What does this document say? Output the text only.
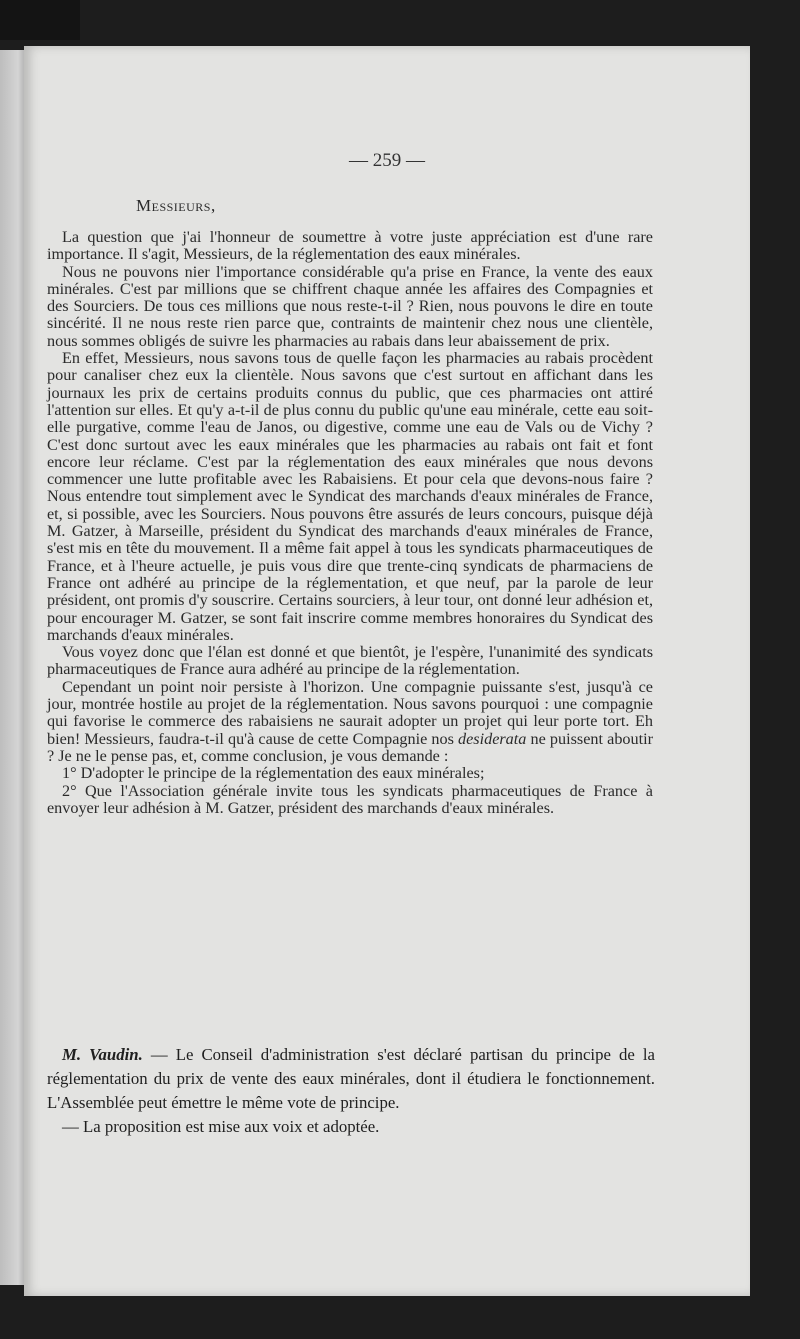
— 259 —
Messieurs,

La question que j'ai l'honneur de soumettre à votre juste appréciation est d'une rare importance. Il s'agit, Messieurs, de la réglementation des eaux minérales.

Nous ne pouvons nier l'importance considérable qu'a prise en France, la vente des eaux minérales. C'est par millions que se chiffrent chaque année les affaires des Compagnies et des Sourciers. De tous ces millions que nous reste-t-il ? Rien, nous pouvons le dire en toute sincérité. Il ne nous reste rien parce que, contraints de maintenir chez nous une clientèle, nous sommes obligés de suivre les pharmacies au rabais dans leur abaissement de prix.

En effet, Messieurs, nous savons tous de quelle façon les pharmacies au rabais procèdent pour canaliser chez eux la clientèle. Nous savons que c'est surtout en affichant dans les journaux les prix de certains produits connus du public, que ces pharmacies ont attiré l'attention sur elles. Et qu'y a-t-il de plus connu du public qu'une eau minérale, cette eau soit-elle purgative, comme l'eau de Janos, ou digestive, comme une eau de Vals ou de Vichy ? C'est donc surtout avec les eaux minérales que les pharmacies au rabais ont fait et font encore leur réclame. C'est par la réglementation des eaux minérales que nous devons commencer une lutte profitable avec les Rabaisiens. Et pour cela que devons-nous faire ? Nous entendre tout simplement avec le Syndicat des marchands d'eaux minérales de France, et, si possible, avec les Sourciers. Nous pouvons être assurés de leurs concours, puisque déjà M. Gatzer, à Marseille, président du Syndicat des marchands d'eaux minérales de France, s'est mis en tête du mouvement. Il a même fait appel à tous les syndicats pharmaceutiques de France, et à l'heure actuelle, je puis vous dire que trente-cinq syndicats de pharmaciens de France ont adhéré au principe de la réglementation, et que neuf, par la parole de leur président, ont promis d'y souscrire. Certains sourciers, à leur tour, ont donné leur adhésion et, pour encourager M. Gatzer, se sont fait inscrire comme membres honoraires du Syndicat des marchands d'eaux minérales.

Vous voyez donc que l'élan est donné et que bientôt, je l'espère, l'unanimité des syndicats pharmaceutiques de France aura adhéré au principe de la réglementation.

Cependant un point noir persiste à l'horizon. Une compagnie puissante s'est, jusqu'à ce jour, montrée hostile au projet de la réglementation. Nous savons pourquoi : une compagnie qui favorise le commerce des rabaisiens ne saurait adopter un projet qui leur porte tort. Eh bien! Messieurs, faudra-t-il qu'à cause de cette Compagnie nos desiderata ne puissent aboutir ? Je ne le pense pas, et, comme conclusion, je vous demande :

1° D'adopter le principe de la réglementation des eaux minérales;

2° Que l'Association générale invite tous les syndicats pharmaceutiques de France à envoyer leur adhésion à M. Gatzer, président des marchands d'eaux minérales.

M. Vaudin. — Le Conseil d'administration s'est déclaré partisan du principe de la réglementation du prix de vente des eaux minérales, dont il étudiera le fonctionnement. L'Assemblée peut émettre le même vote de principe.

— La proposition est mise aux voix et adoptée.
